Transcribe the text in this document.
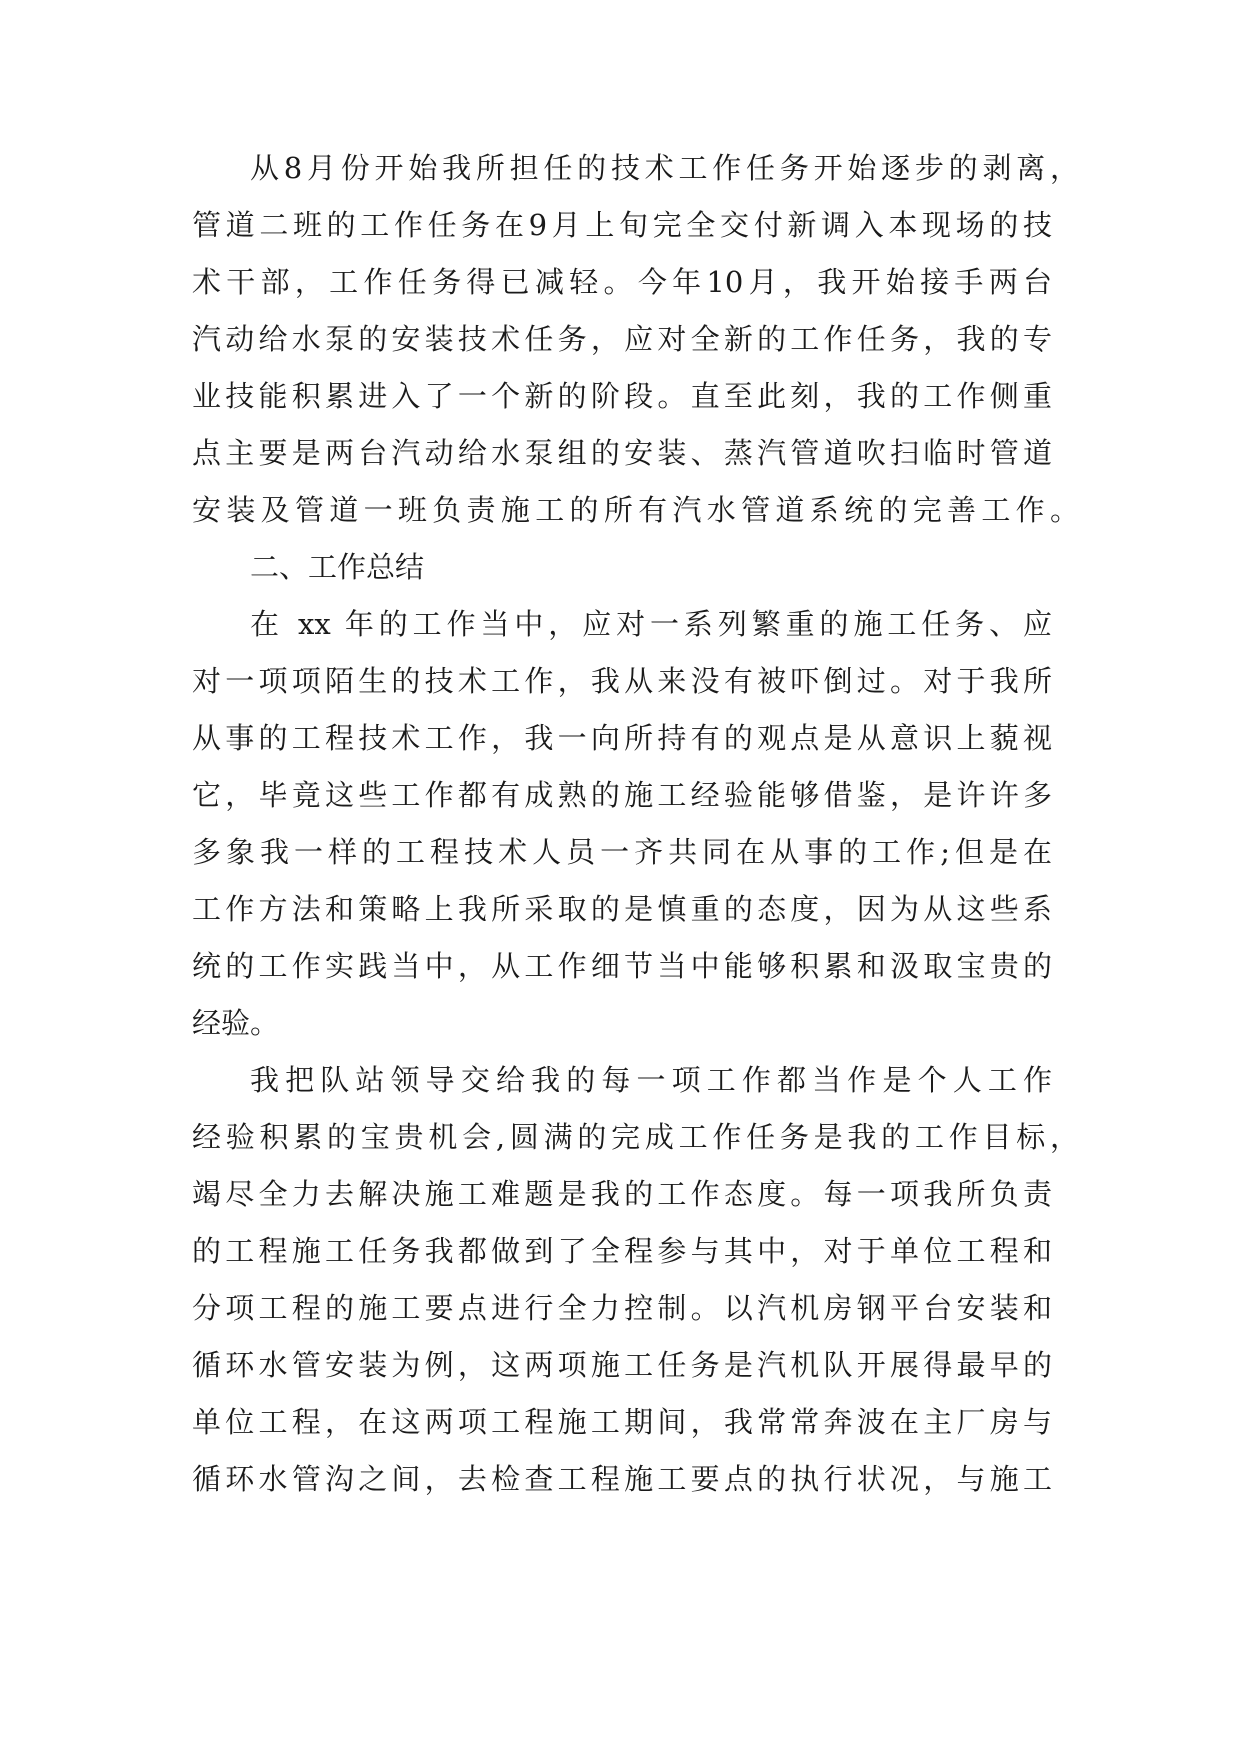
从8月份开始我所担任的技术工作任务开始逐步的剥离，
管道二班的工作任务在9月上旬完全交付新调入本现场的技
术干部，工作任务得已减轻。今年10月，我开始接手两台
汽动给水泵的安装技术任务，应对全新的工作任务，我的专
业技能积累进入了一个新的阶段。直至此刻，我的工作侧重
点主要是两台汽动给水泵组的安装、蒸汽管道吹扫临时管道
安装及管道一班负责施工的所有汽水管道系统的完善工作。
二、工作总结
在 xx 年的工作当中，应对一系列繁重的施工任务、应
对一项项陌生的技术工作，我从来没有被吓倒过。对于我所
从事的工程技术工作，我一向所持有的观点是从意识上藐视
它，毕竟这些工作都有成熟的施工经验能够借鉴，是许许多
多象我一样的工程技术人员一齐共同在从事的工作;但是在
工作方法和策略上我所采取的是慎重的态度，因为从这些系
统的工作实践当中，从工作细节当中能够积累和汲取宝贵的
经验。
我把队站领导交给我的每一项工作都当作是个人工作
经验积累的宝贵机会,圆满的完成工作任务是我的工作目标，
竭尽全力去解决施工难题是我的工作态度。每一项我所负责
的工程施工任务我都做到了全程参与其中，对于单位工程和
分项工程的施工要点进行全力控制。以汽机房钢平台安装和
循环水管安装为例，这两项施工任务是汽机队开展得最早的
单位工程，在这两项工程施工期间，我常常奔波在主厂房与
循环水管沟之间，去检查工程施工要点的执行状况，与施工
